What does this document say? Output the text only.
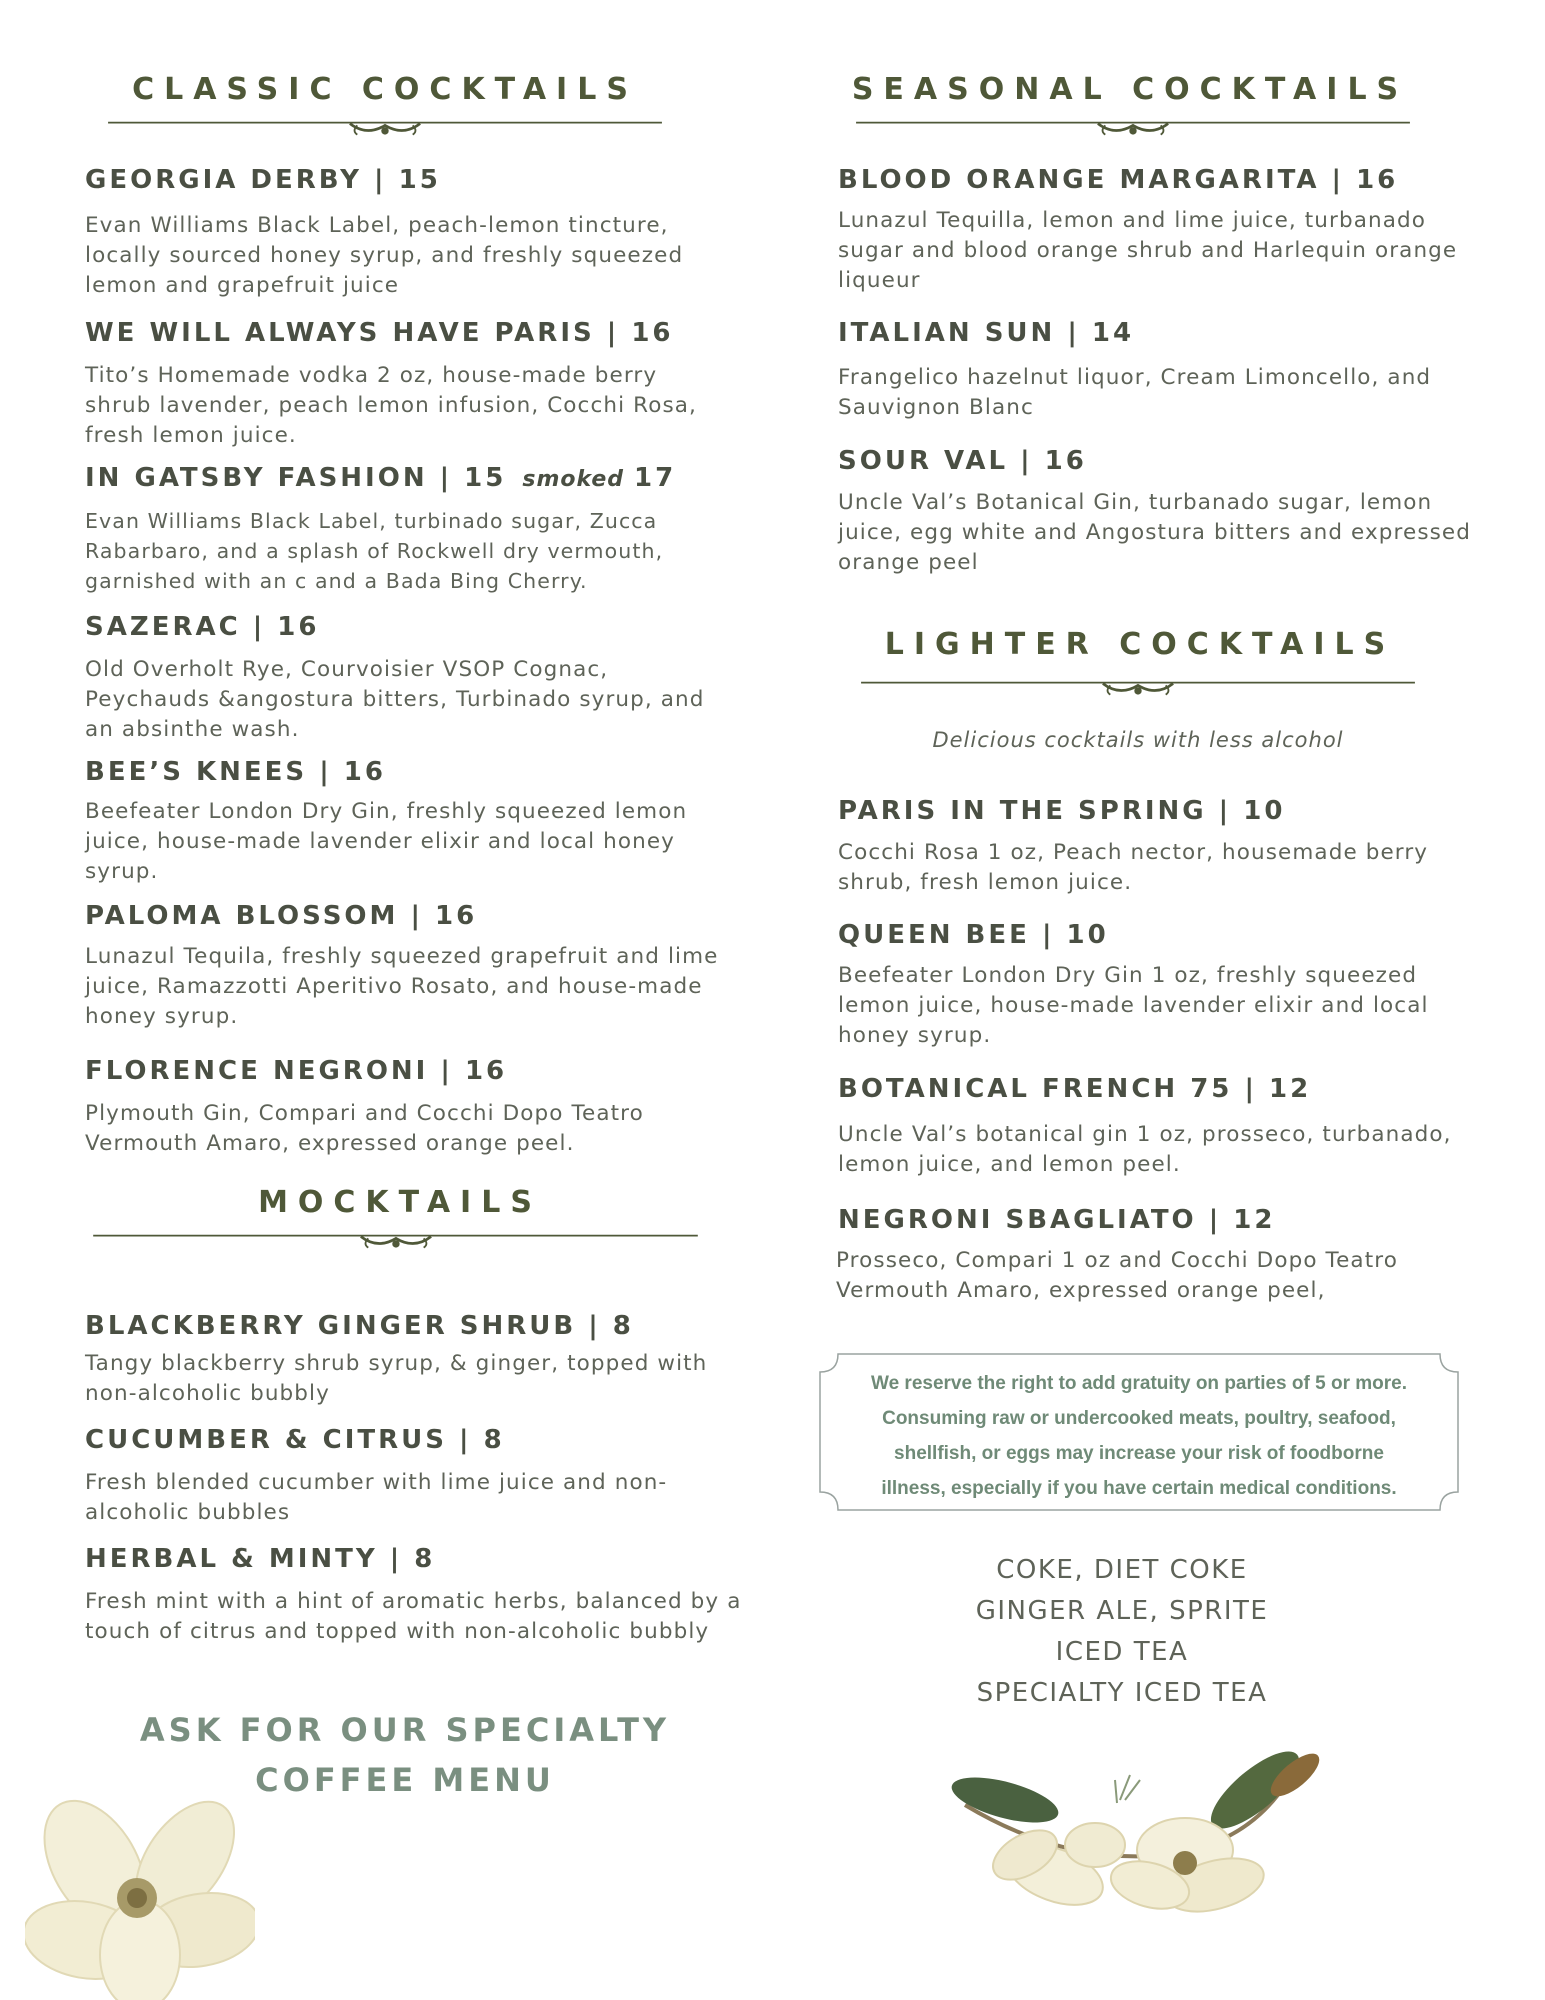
CLASSIC COCKTAILS
GEORGIA DERBY | 15
Evan Williams Black Label, peach-lemon tincture, locally sourced honey syrup, and freshly squeezed lemon and grapefruit juice
WE WILL ALWAYS HAVE PARIS | 16
Tito’s Homemade vodka 2 oz, house-made berry shrub lavender, peach lemon infusion, Cocchi Rosa, fresh lemon juice.
IN GATSBY FASHION | 15 smoked 17
Evan Williams Black Label, turbinado sugar, Zucca Rabarbaro, and a splash of Rockwell dry vermouth, garnished with an c and a Bada Bing Cherry.
SAZERAC | 16
Old Overholt Rye, Courvoisier VSOP Cognac, Peychauds &angostura bitters, Turbinado syrup, and an absinthe wash.
BEE’S KNEES | 16
Beefeater London Dry Gin, freshly squeezed lemon juice, house-made lavender elixir and local honey syrup.
PALOMA BLOSSOM | 16
Lunazul Tequila, freshly squeezed grapefruit and lime juice, Ramazzotti Aperitivo Rosato, and house-made honey syrup.
FLORENCE NEGRONI | 16
Plymouth Gin, Compari and Cocchi Dopo Teatro Vermouth Amaro, expressed orange peel.
MOCKTAILS
BLACKBERRY GINGER SHRUB | 8
Tangy blackberry shrub syrup, & ginger, topped with non-alcoholic bubbly
CUCUMBER & CITRUS | 8
Fresh blended cucumber with lime juice and non-alcoholic bubbles
HERBAL & MINTY | 8
Fresh mint with a hint of aromatic herbs, balanced by a touch of citrus and topped with non-alcoholic bubbly
ASK FOR OUR SPECIALTY
COFFEE MENU
SEASONAL COCKTAILS
BLOOD ORANGE MARGARITA | 16
Lunazul Tequilla, lemon and lime juice, turbanado sugar and blood orange shrub and Harlequin orange liqueur
ITALIAN SUN | 14
Frangelico hazelnut liquor, Cream Limoncello, and Sauvignon Blanc
SOUR VAL | 16
Uncle Val’s Botanical Gin, turbanado sugar, lemon juice, egg white and Angostura bitters and expressed orange peel
LIGHTER COCKTAILS
Delicious cocktails with less alcohol
PARIS IN THE SPRING | 10
Cocchi Rosa 1 oz, Peach nector, housemade berry shrub, fresh lemon juice.
QUEEN BEE | 10
Beefeater London Dry Gin 1 oz, freshly squeezed lemon juice, house-made lavender elixir and local honey syrup.
BOTANICAL FRENCH 75 | 12
Uncle Val’s botanical gin 1 oz, prosseco, turbanado, lemon juice, and lemon peel.
NEGRONI SBAGLIATO | 12
Prosseco, Compari 1 oz and Cocchi Dopo Teatro Vermouth Amaro, expressed orange peel,
We reserve the right to add gratuity on parties of 5 or more.
Consuming raw or undercooked meats, poultry, seafood,
shellfish, or eggs may increase your risk of foodborne
illness, especially if you have certain medical conditions.
COKE, DIET COKE
GINGER ALE, SPRITE
ICED TEA
SPECIALTY ICED TEA
